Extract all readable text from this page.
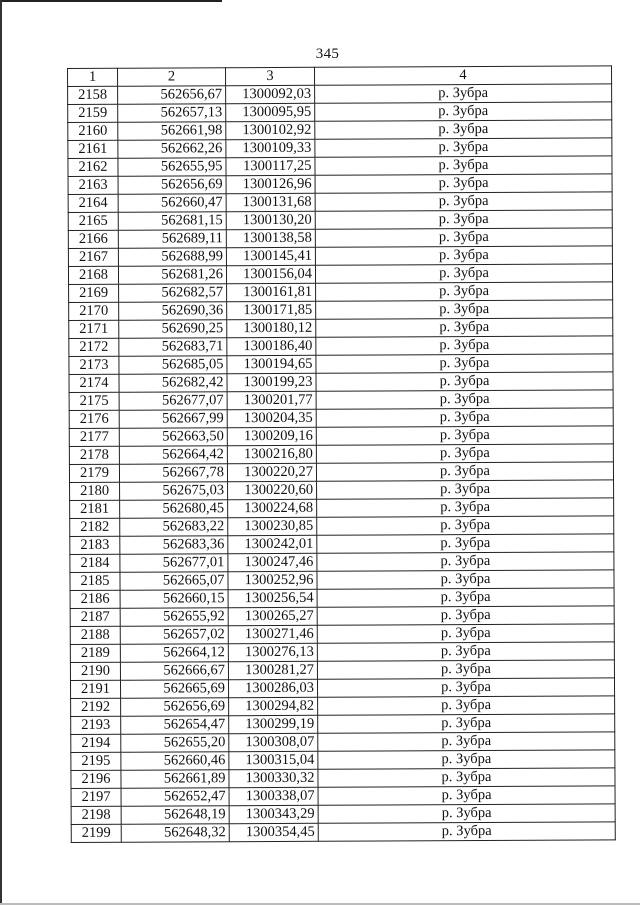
345
1	2	3	4
2158	562656,67	1300092,03	р. Зубра
2159	562657,13	1300095,95	р. Зубра
2160	562661,98	1300102,92	р. Зубра
2161	562662,26	1300109,33	р. Зубра
2162	562655,95	1300117,25	р. Зубра
2163	562656,69	1300126,96	р. Зубра
2164	562660,47	1300131,68	р. Зубра
2165	562681,15	1300130,20	р. Зубра
2166	562689,11	1300138,58	р. Зубра
2167	562688,99	1300145,41	р. Зубра
2168	562681,26	1300156,04	р. Зубра
2169	562682,57	1300161,81	р. Зубра
2170	562690,36	1300171,85	р. Зубра
2171	562690,25	1300180,12	р. Зубра
2172	562683,71	1300186,40	р. Зубра
2173	562685,05	1300194,65	р. Зубра
2174	562682,42	1300199,23	р. Зубра
2175	562677,07	1300201,77	р. Зубра
2176	562667,99	1300204,35	р. Зубра
2177	562663,50	1300209,16	р. Зубра
2178	562664,42	1300216,80	р. Зубра
2179	562667,78	1300220,27	р. Зубра
2180	562675,03	1300220,60	р. Зубра
2181	562680,45	1300224,68	р. Зубра
2182	562683,22	1300230,85	р. Зубра
2183	562683,36	1300242,01	р. Зубра
2184	562677,01	1300247,46	р. Зубра
2185	562665,07	1300252,96	р. Зубра
2186	562660,15	1300256,54	р. Зубра
2187	562655,92	1300265,27	р. Зубра
2188	562657,02	1300271,46	р. Зубра
2189	562664,12	1300276,13	р. Зубра
2190	562666,67	1300281,27	р. Зубра
2191	562665,69	1300286,03	р. Зубра
2192	562656,69	1300294,82	р. Зубра
2193	562654,47	1300299,19	р. Зубра
2194	562655,20	1300308,07	р. Зубра
2195	562660,46	1300315,04	р. Зубра
2196	562661,89	1300330,32	р. Зубра
2197	562652,47	1300338,07	р. Зубра
2198	562648,19	1300343,29	р. Зубра
2199	562648,32	1300354,45	р. Зубра
